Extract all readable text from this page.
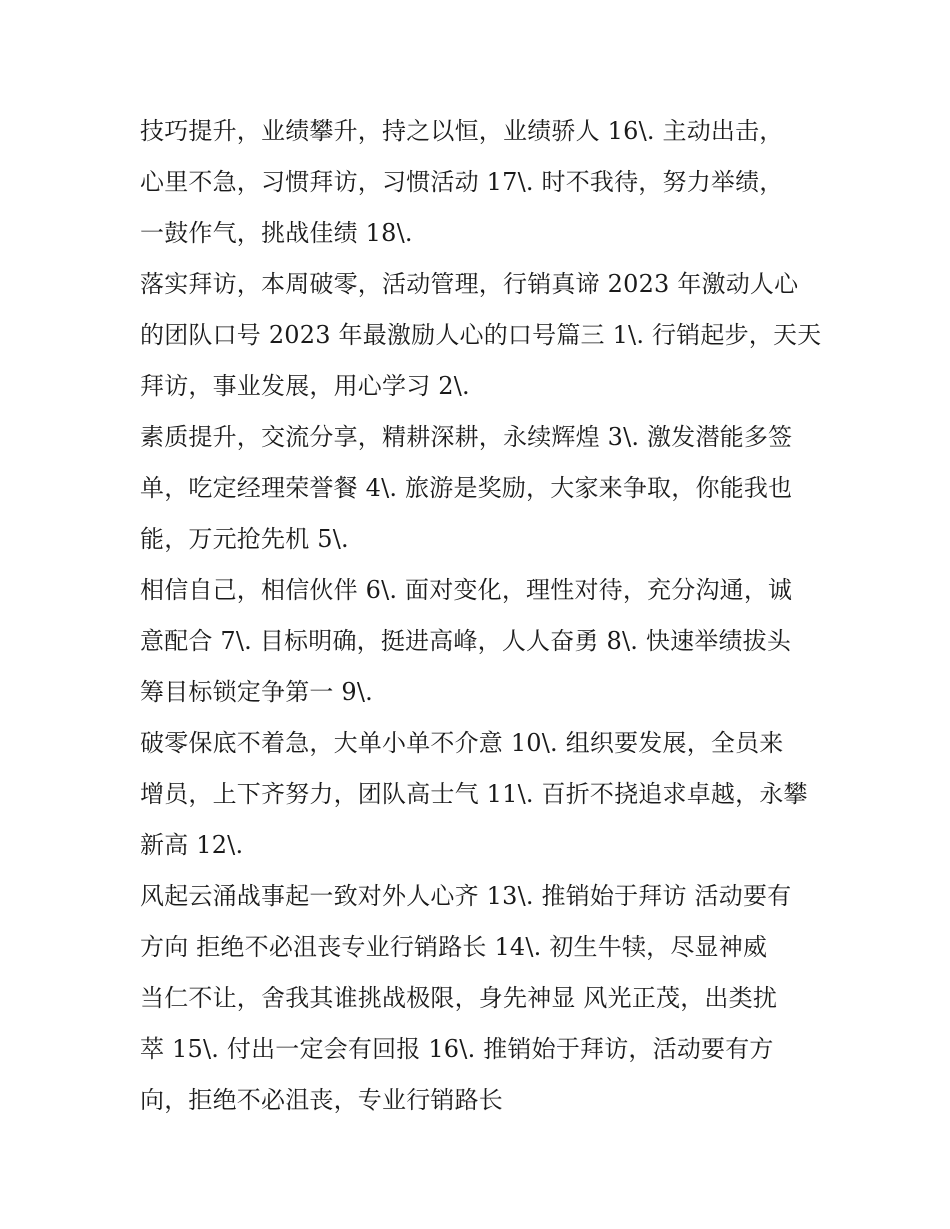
技巧提升，业绩攀升，持之以恒，业绩骄人 16\. 主动出击，
心里不急，习惯拜访，习惯活动 17\. 时不我待，努力举绩，
一鼓作气，挑战佳绩 18\.
落实拜访，本周破零，活动管理，行销真谛 2023 年激动人心
的团队口号 2023 年最激励人心的口号篇三 1\. 行销起步，天天
拜访，事业发展，用心学习 2\.
素质提升，交流分享，精耕深耕，永续辉煌 3\. 激发潜能多签
单，吃定经理荣誉餐 4\. 旅游是奖励，大家来争取，你能我也
能，万元抢先机 5\.
相信自己，相信伙伴 6\. 面对变化，理性对待，充分沟通，诚
意配合 7\. 目标明确，挺进高峰，人人奋勇 8\. 快速举绩拔头
筹目标锁定争第一 9\.
破零保底不着急，大单小单不介意 10\. 组织要发展，全员来
增员，上下齐努力，团队高士气 11\. 百折不挠追求卓越，永攀
新高 12\.
风起云涌战事起一致对外人心齐 13\. 推销始于拜访 活动要有
方向 拒绝不必沮丧专业行销路长 14\. 初生牛犊，尽显神威
当仁不让，舍我其谁挑战极限，身先神显 风光正茂，出类扰
萃 15\. 付出一定会有回报 16\. 推销始于拜访，活动要有方
向，拒绝不必沮丧，专业行销路长
